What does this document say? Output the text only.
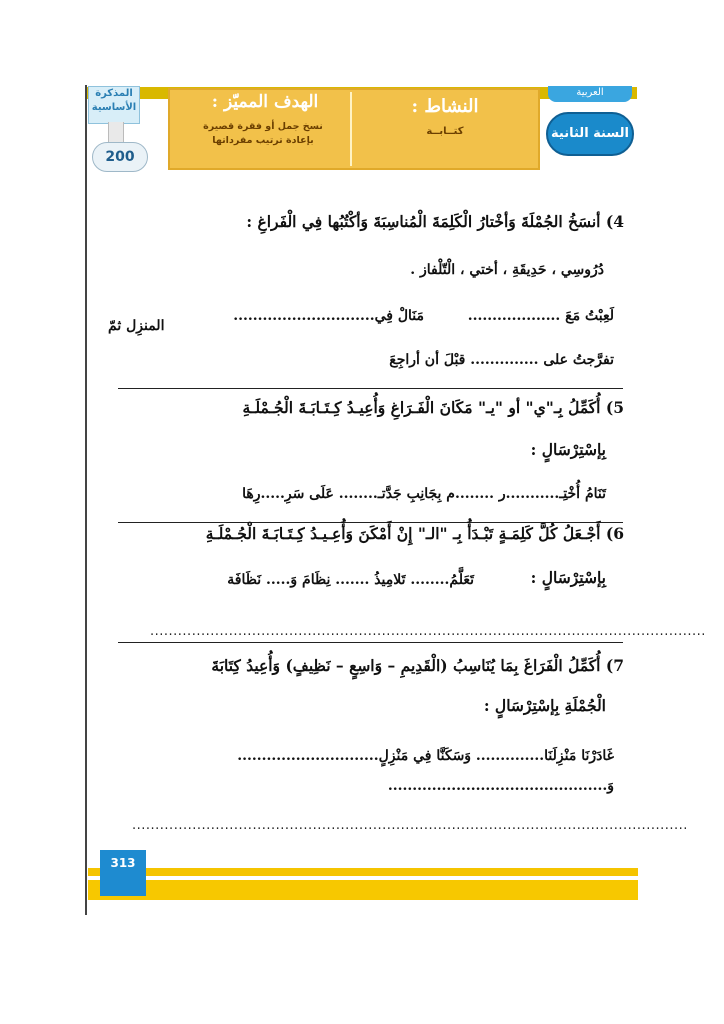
الهدف المميّز :
نسخ جمل أو فقرة قصيرة
بإعادة ترتيب مفرداتها
النشاط :
كتــابــة
العربية
السنة الثانية
المذكرة الأساسية
200
4) أنسَخُ الجُمْلَةَ وَأخْتارُ الْكَلِمَةَ الْمُناسِبَةَ وَأكْتُبُها فِي الْفَراغِ :
دُرُوسِي ، حَدِيقَةِ ، أختي ، الْتّلْفاز .
لَعِبْتُ مَعَ ...................
مَنَالْ فِي.............................
المنزِل ثمّ
تفرَّجتُ على .............. قبْلَ أن أراجِعَ
5) أُكَمِّلُ بِـ"ي" أو "يـ" مَكَانَ الْفَـرَاغِ وَأُعِيـدُ كِـتَـابَـةَ الْجُـمْلَـةِ
بِإسْتِرْسَالٍ :
تَنَامُ أُخْتِـ...........ر ........م بِجَانِبِ جَدَّتـ........ عَلَى سَرِ.....رِهَا
6) أَجْـعَلُ كُلَّ كَلِمَـةٍ تَبْـدَأُ بِـ "الـ" إِنْ أَمْكَنَ وَأُعِـيـدُ كِـتَـابَـةَ الْجُـمْلَـةِ
بِإسْتِرْسَالٍ :
تَعَلَّمُ........ تَلامِيذُ ....... نِظَامَ وَ..... نَظَافَة
........................................................................................................................
7) أُكَمِّلُ الْفَرَاغَ بِمَا يُنَاسِبُ (الْقَدِيمِ – وَاسِعٍ – نَظِيفٍ) وَأُعِيدُ كِتَابَةَ
الْجُمْلَةِ بِإسْتِرْسَالٍ :
غَادَرْنَا مَنْزِلَنَا.............. وَسَكَنَّا فِي مَنْزِلٍ.............................
وَ.............................................
........................................................................................................................
313
